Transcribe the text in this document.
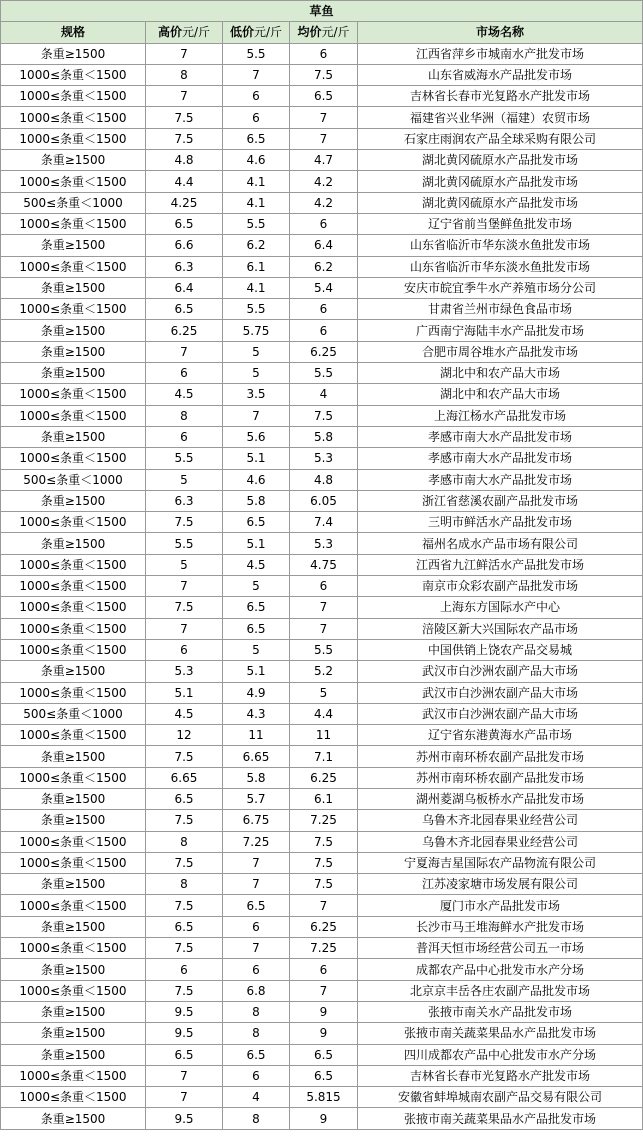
草鱼				
规格	高价元/斤	低价元/斤	均价元/斤	市场名称
条重≥1500	7	5.5	6	江西省萍乡市城南水产批发市场
1000≤条重＜1500	8	7	7.5	山东省威海水产品批发市场
1000≤条重＜1500	7	6	6.5	吉林省长春市光复路水产批发市场
1000≤条重＜1500	7.5	6	7	福建省兴业华洲（福建）农贸市场
1000≤条重＜1500	7.5	6.5	7	石家庄雨润农产品全球采购有限公司
条重≥1500	4.8	4.6	4.7	湖北黄冈硫原水产品批发市场
1000≤条重＜1500	4.4	4.1	4.2	湖北黄冈硫原水产品批发市场
500≤条重＜1000	4.25	4.1	4.2	湖北黄冈硫原水产品批发市场
1000≤条重＜1500	6.5	5.5	6	辽宁省前当堡鲜鱼批发市场
条重≥1500	6.6	6.2	6.4	山东省临沂市华东淡水鱼批发市场
1000≤条重＜1500	6.3	6.1	6.2	山东省临沂市华东淡水鱼批发市场
条重≥1500	6.4	4.1	5.4	安庆市皖宜季牛水产养殖市场分公司
1000≤条重＜1500	6.5	5.5	6	甘肃省兰州市绿色食品市场
条重≥1500	6.25	5.75	6	广西南宁海陆丰水产品批发市场
条重≥1500	7	5	6.25	合肥市周谷堆水产品批发市场
条重≥1500	6	5	5.5	湖北中和农产品大市场
1000≤条重＜1500	4.5	3.5	4	湖北中和农产品大市场
1000≤条重＜1500	8	7	7.5	上海江杨水产品批发市场
条重≥1500	6	5.6	5.8	孝感市南大水产品批发市场
1000≤条重＜1500	5.5	5.1	5.3	孝感市南大水产品批发市场
500≤条重＜1000	5	4.6	4.8	孝感市南大水产品批发市场
条重≥1500	6.3	5.8	6.05	浙江省慈溪农副产品批发市场
1000≤条重＜1500	7.5	6.5	7.4	三明市鲜活水产品批发市场
条重≥1500	5.5	5.1	5.3	福州名成水产品市场有限公司
1000≤条重＜1500	5	4.5	4.75	江西省九江鲜活水产品批发市场
1000≤条重＜1500	7	5	6	南京市众彩农副产品批发市场
1000≤条重＜1500	7.5	6.5	7	上海东方国际水产中心
1000≤条重＜1500	7	6.5	7	涪陵区新大兴国际农产品市场
1000≤条重＜1500	6	5	5.5	中国供销上饶农产品交易城
条重≥1500	5.3	5.1	5.2	武汉市白沙洲农副产品大市场
1000≤条重＜1500	5.1	4.9	5	武汉市白沙洲农副产品大市场
500≤条重＜1000	4.5	4.3	4.4	武汉市白沙洲农副产品大市场
1000≤条重＜1500	12	11	11	辽宁省东港黄海水产品市场
条重≥1500	7.5	6.65	7.1	苏州市南环桥农副产品批发市场
1000≤条重＜1500	6.65	5.8	6.25	苏州市南环桥农副产品批发市场
条重≥1500	6.5	5.7	6.1	湖州菱湖乌板桥水产品批发市场
条重≥1500	7.5	6.75	7.25	乌鲁木齐北园春果业经营公司
1000≤条重＜1500	8	7.25	7.5	乌鲁木齐北园春果业经营公司
1000≤条重＜1500	7.5	7	7.5	宁夏海吉星国际农产品物流有限公司
条重≥1500	8	7	7.5	江苏凌家塘市场发展有限公司
1000≤条重＜1500	7.5	6.5	7	厦门市水产品批发市场
条重≥1500	6.5	6	6.25	长沙市马王堆海鲜水产批发市场
1000≤条重＜1500	7.5	7	7.25	普洱天恒市场经营公司五一市场
条重≥1500	6	6	6	成都农产品中心批发市水产分场
1000≤条重＜1500	7.5	6.8	7	北京京丰岳各庄农副产品批发市场
条重≥1500	9.5	8	9	张掖市南关水产品批发市场
条重≥1500	9.5	8	9	张掖市南关蔬菜果品水产品批发市场
条重≥1500	6.5	6.5	6.5	四川成都农产品中心批发市水产分场
1000≤条重＜1500	7	6	6.5	吉林省长春市光复路水产批发市场
1000≤条重＜1500	7	4	5.815	安徽省蚌埠城南农副产品交易有限公司
条重≥1500	9.5	8	9	张掖市南关蔬菜果品水产品批发市场
